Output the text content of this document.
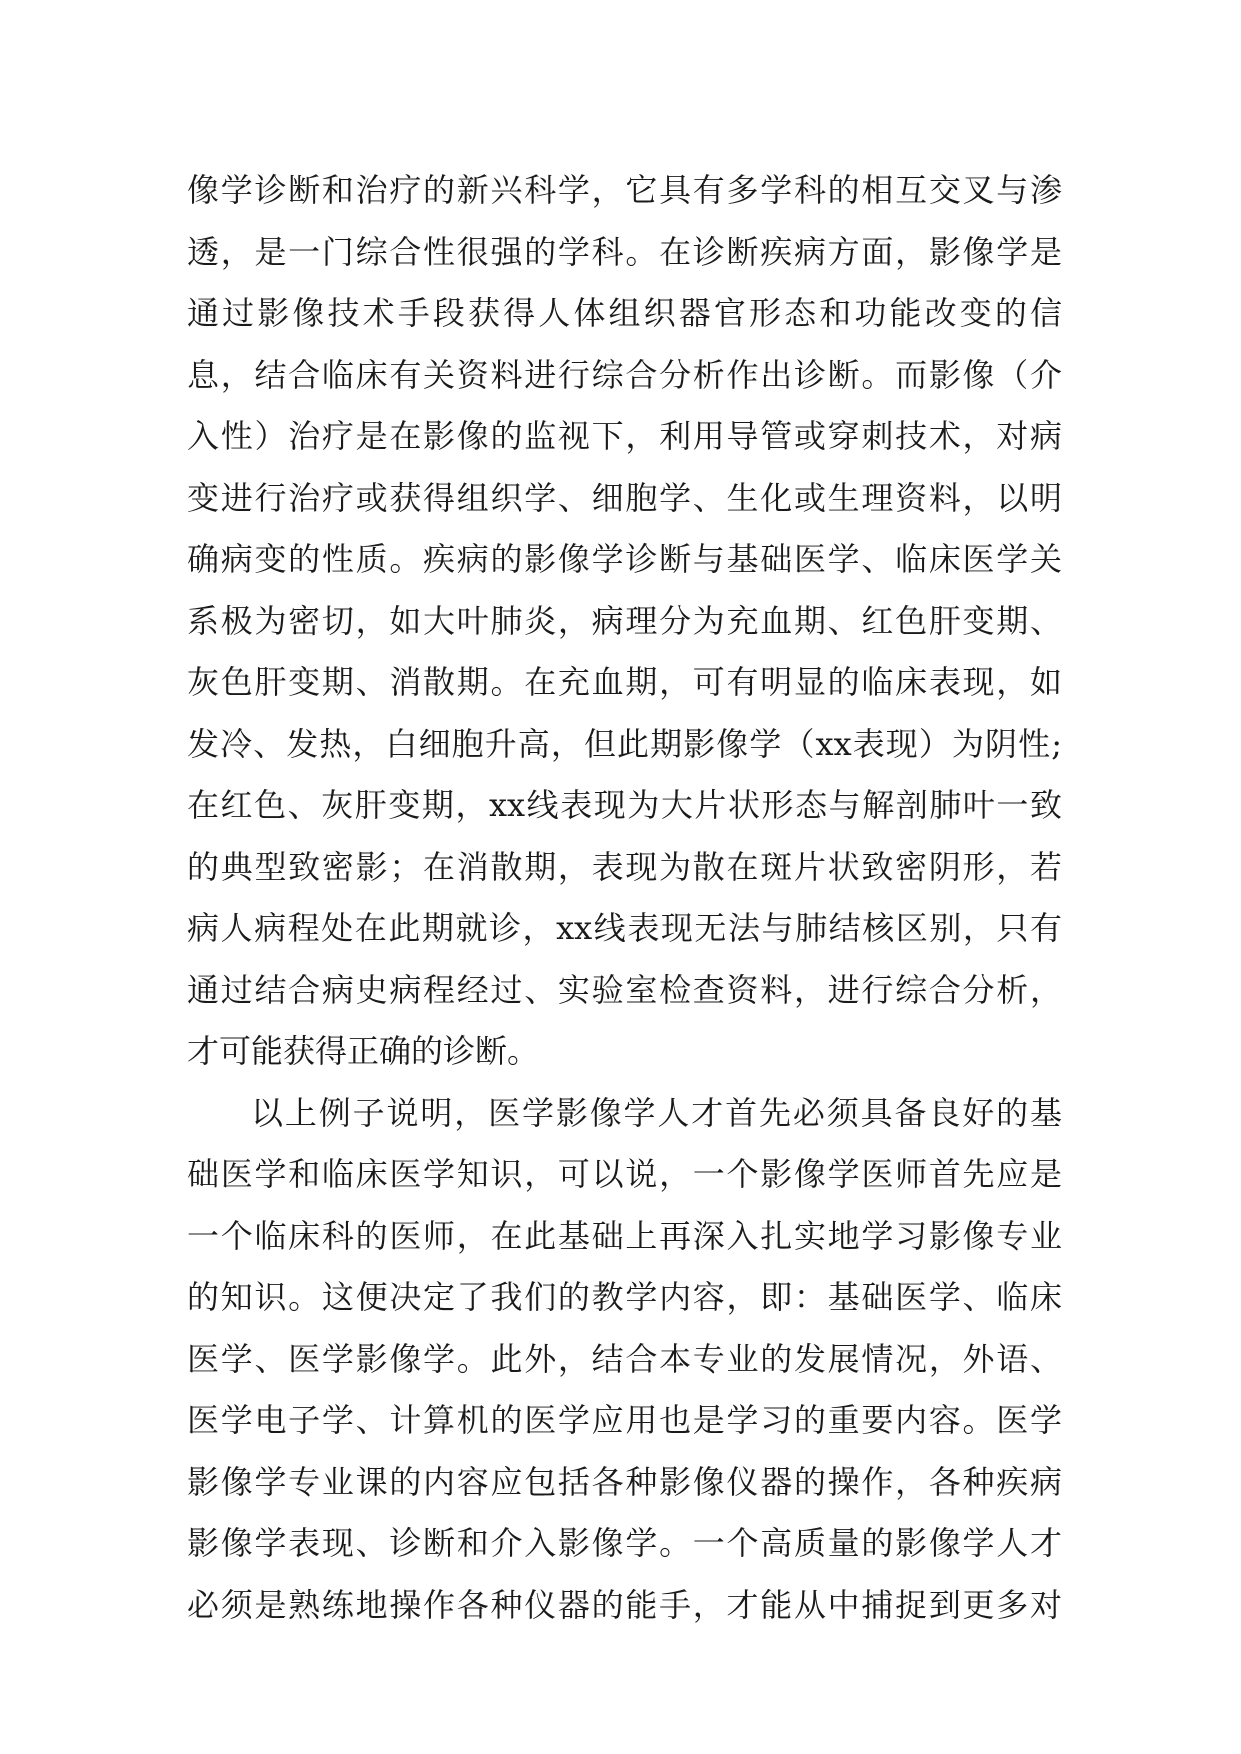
像学诊断和治疗的新兴科学，它具有多学科的相互交叉与渗
透，是一门综合性很强的学科。在诊断疾病方面，影像学是
通过影像技术手段获得人体组织器官形态和功能改变的信
息，结合临床有关资料进行综合分析作出诊断。而影像（介
入性）治疗是在影像的监视下，利用导管或穿刺技术，对病
变进行治疗或获得组织学、细胞学、生化或生理资料，以明
确病变的性质。疾病的影像学诊断与基础医学、临床医学关
系极为密切，如大叶肺炎，病理分为充血期、红色肝变期、
灰色肝变期、消散期。在充血期，可有明显的临床表现，如
发冷、发热，白细胞升高，但此期影像学（xx表现）为阴性;
在红色、灰肝变期，xx线表现为大片状形态与解剖肺叶一致
的典型致密影；在消散期，表现为散在斑片状致密阴形，若
病人病程处在此期就诊，xx线表现无法与肺结核区别，只有
通过结合病史病程经过、实验室检查资料，进行综合分析，
才可能获得正确的诊断。
以上例子说明，医学影像学人才首先必须具备良好的基
础医学和临床医学知识，可以说，一个影像学医师首先应是
一个临床科的医师，在此基础上再深入扎实地学习影像专业
的知识。这便决定了我们的教学内容，即：基础医学、临床
医学、医学影像学。此外，结合本专业的发展情况，外语、
医学电子学、计算机的医学应用也是学习的重要内容。医学
影像学专业课的内容应包括各种影像仪器的操作，各种疾病
影像学表现、诊断和介入影像学。一个高质量的影像学人才
必须是熟练地操作各种仪器的能手，才能从中捕捉到更多对
